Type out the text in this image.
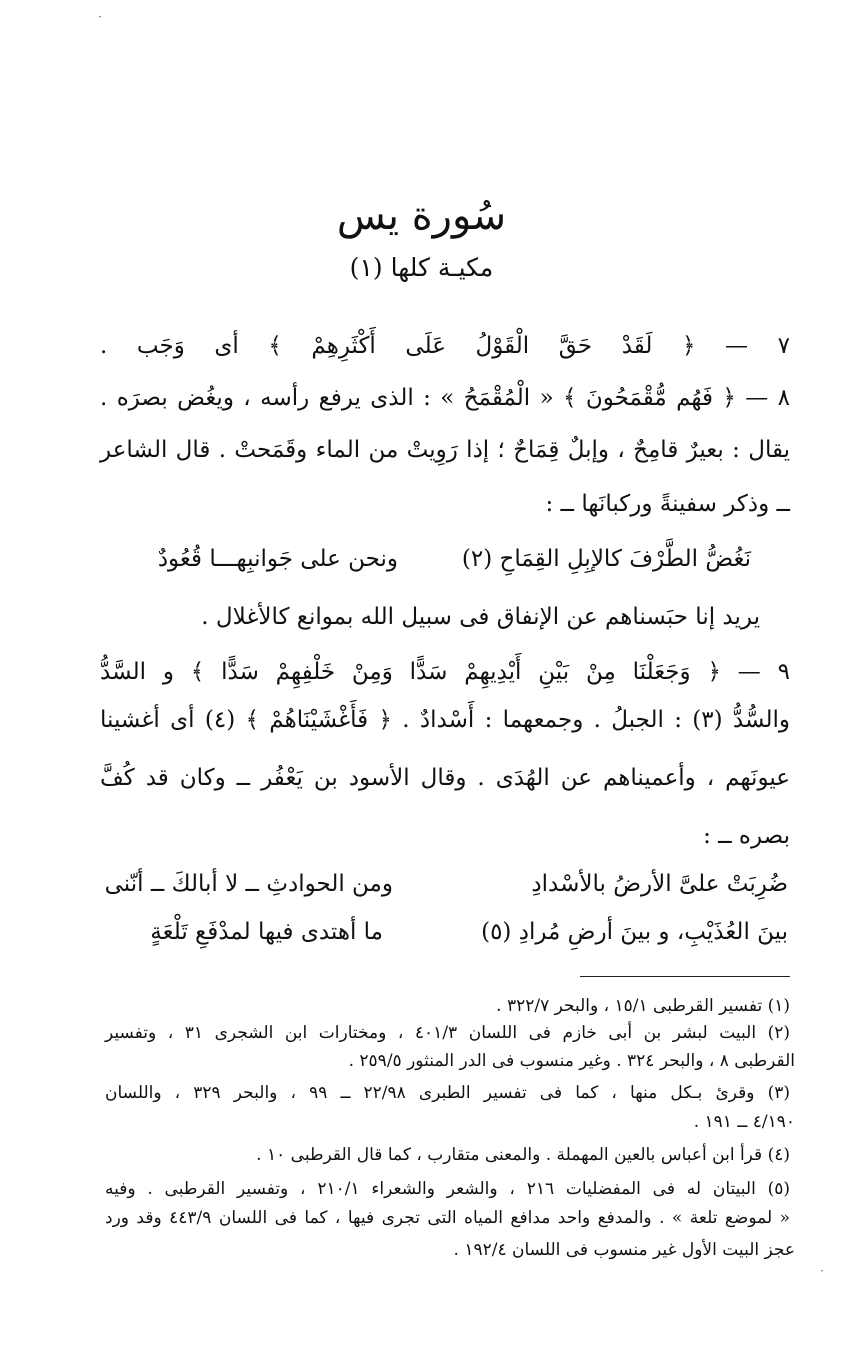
·
سُورة يس
مكيـة كلها (١)
٧ — ﴿ لَقَدْ حَقَّ الْقَوْلُ عَلَى أَكْثَرِهِمْ ﴾ أى وَجَب .
٨ — ﴿ فَهُم مُّقْمَحُونَ ﴾ « الْمُقْمَحُ » : الذى يرفع رأسه ، ويغُض بصرَه .
يقال : بعيرٌ قامِحٌ ، وإبلٌ قِمَاحٌ ؛ إذا رَوِيتْ من الماء وقَمَحتْ . قال الشاعر
ــ وذكر سفينةً وركبانَها ــ :
نَغُضُّ الطَّرْفَ كالإبِلِ القِمَاحِ (٢)
ونحن على جَوانبِهـــا قُعُودٌ
يريد إنا حبَسناهم عن الإنفاق فى سبيل الله بموانع كالأغلال .
٩ — ﴿ وَجَعَلْنَا مِنْ بَيْنِ أَيْدِيهِمْ سَدًّا وَمِنْ خَلْفِهِمْ سَدًّا ﴾ و السَّدُّ
والسُّدُّ (٣) : الجبلُ . وجمعهما : أَسْدادٌ . ﴿ فَأَغْشَيْنَاهُمْ ﴾ (٤) أى أغشينا
عيونَهم ، وأعميناهم عن الهُدَى . وقال الأسود بن يَعْفُر ــ وكان قد كُفَّ
بصره ــ :
ضُرِبَتْ علىَّ الأرضُ بالأسْدادِ
ومن الحوادثِ ــ لا أبالكَ ــ أنّنى
بينَ العُذَيْبِ، و بينَ أرضِ مُرادِ (٥)
ما أهتدى فيها لمدْفَعِ تَلْعَةٍ
(١) تفسير القرطبى ١٥/١ ، والبحر ٣٢٢/٧ .
(٢) البيت لبشر بن أبى خازم فى اللسان ٤٠١/٣ ، ومختارات ابن الشجرى ٣١ ، وتفسير
القرطبى ٨ ، والبحر ٣٢٤ . وغير منسوب فى الدر المنثور ٢٥٩/٥ .
(٣) وقرئ بـكل منها ، كما فى تفسير الطبرى ٢٢/٩٨ ــ ٩٩ ، والبحر ٣٢٩ ، واللسان
٤/١٩٠ ــ ١٩١ .
(٤) قرأ ابن أعباس بالعين المهملة . والمعنى متقارب ، كما قال القرطبى ١٠ .
(٥) البيتان له فى المفضليات ٢١٦ ، والشعر والشعراء ٢١٠/١ ، وتفسير القرطبى . وفيه
« لموضع تلعة » . والمدفع واحد مدافع المياه التى تجرى فيها ، كما فى اللسان ٤٤٣/٩ وقد ورد
عجز البيت الأول غير منسوب فى اللسان ١٩٢/٤ .
·
